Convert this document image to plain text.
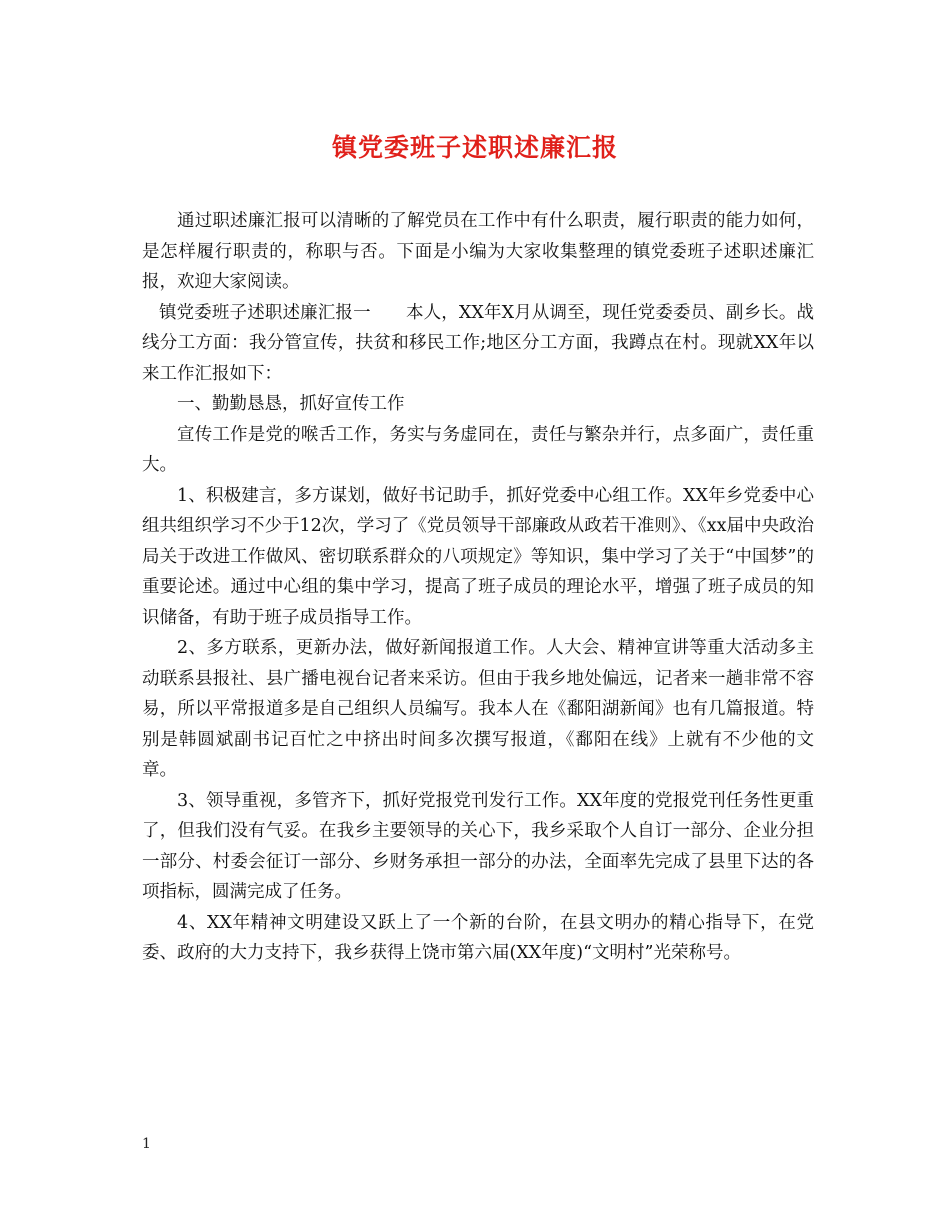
镇党委班子述职述廉汇报

通过职述廉汇报可以清晰的了解党员在工作中有什么职责，履行职责的能力如何，是怎样履行职责的，称职与否。下面是小编为大家收集整理的镇党委班子述职述廉汇报，欢迎大家阅读。

镇党委班子述职述廉汇报一　　本人，XX年X月从调至，现任党委委员、副乡长。战线分工方面：我分管宣传，扶贫和移民工作;地区分工方面，我蹲点在村。现就XX年以来工作汇报如下：

一、勤勤恳恳，抓好宣传工作

宣传工作是党的喉舌工作，务实与务虚同在，责任与繁杂并行，点多面广，责任重大。

1、积极建言，多方谋划，做好书记助手，抓好党委中心组工作。XX年乡党委中心组共组织学习不少于12次，学习了《党员领导干部廉政从政若干准则》、《xx届中央政治局关于改进工作做风、密切联系群众的八项规定》等知识，集中学习了关于“中国梦”的重要论述。通过中心组的集中学习，提高了班子成员的理论水平，增强了班子成员的知识储备，有助于班子成员指导工作。

2、多方联系，更新办法，做好新闻报道工作。人大会、精神宣讲等重大活动多主动联系县报社、县广播电视台记者来采访。但由于我乡地处偏远，记者来一趟非常不容易，所以平常报道多是自己组织人员编写。我本人在《鄱阳湖新闻》也有几篇报道。特别是韩圆斌副书记百忙之中挤出时间多次撰写报道，《鄱阳在线》上就有不少他的文章。

3、领导重视，多管齐下，抓好党报党刊发行工作。XX年度的党报党刊任务性更重了，但我们没有气妥。在我乡主要领导的关心下，我乡采取个人自订一部分、企业分担一部分、村委会征订一部分、乡财务承担一部分的办法，全面率先完成了县里下达的各项指标，圆满完成了任务。

4、XX年精神文明建设又跃上了一个新的台阶，在县文明办的精心指导下，在党委、政府的大力支持下，我乡获得上饶市第六届(XX年度)“文明村”光荣称号。

1
